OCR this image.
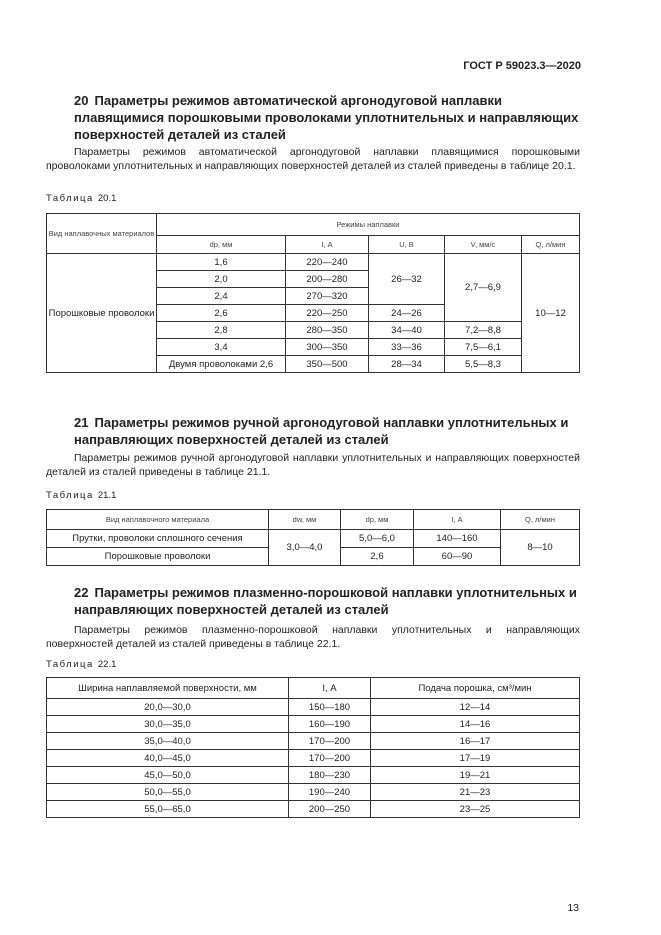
ГОСТ Р 59023.3—2020
20 Параметры режимов автоматической аргонодуговой наплавки плавящимися порошковыми проволоками уплотнительных и направляющих поверхностей деталей из сталей
Параметры режимов автоматической аргонодуговой наплавки плавящимися порошковыми проволоками уплотнительных и направляющих поверхностей деталей из сталей приведены в таблице 20.1.
Таблица 20.1
Вид наплавочных материалов	Режимы наплавки				
	dр, мм	I, А	U, В	V, мм/с	Q, л/мин
Порошковые проволоки	1,6	220—240	26—32	2,7—6,9	10—12
	2,0	200—280			
	2,4	270—320			
	2,6	220—250	24—26		
	2,8	280—350	34—40	7,2—8,8	
	3,4	300—350	33—36	7,5—6,1	
	Двумя проволоками 2,6	350—500	28—34	5,5—8,3	
21 Параметры режимов ручной аргонодуговой наплавки уплотнительных и направляющих поверхностей деталей из сталей
Параметры режимов ручной аргонодуговой наплавки уплотнительных и направляющих поверхностей деталей из сталей приведены в таблице 21.1.
Таблица 21.1
Вид наплавочного материала	dw, мм	dр, мм	I, А	Q, л/мин
Прутки, проволоки сплошного сечения	3,0—4,0	5,0—6,0	140—160	8—10
Порошковые проволоки		2,6	60—90	
22 Параметры режимов плазменно-порошковой наплавки уплотнительных и направляющих поверхностей деталей из сталей
Параметры режимов плазменно-порошковой наплавки уплотнительных и направляющих поверхностей деталей из сталей приведены в таблице 22.1.
Таблица 22.1
Ширина наплавляемой поверхности, мм	I, А	Подача порошка, см³/мин
20,0—30,0	150—180	12—14
30,0—35,0	160—190	14—16
35,0—40,0	170—200	16—17
40,0—45,0	170—200	17—19
45,0—50,0	180—230	19—21
50,0—55,0	190—240	21—23
55,0—65,0	200—250	23—25
13
